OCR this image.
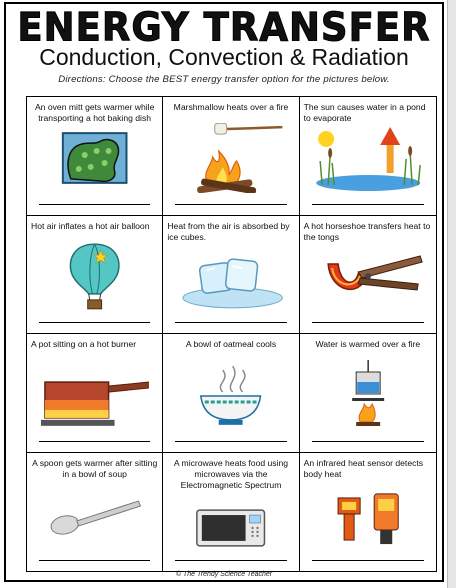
ENERGY TRANSFER
Conduction, Convection & Radiation
Directions: Choose the BEST energy transfer option for the pictures below.
An oven mitt gets warmer while transporting a hot baking dish
Marshmallow heats over a fire	The sun causes water in a pond to evaporate
Hot air inflates a hot air balloon	Heat from the air is absorbed by ice cubes.
A hot horseshoe transfers heat to the tongs
A pot sitting on a hot burner	A bowl of oatmeal cools	Water is warmed over a fire
A spoon gets warmer after sitting in a bowl of soup
A microwave heats food using microwaves via the Electromagnetic Spectrum
An infrared heat sensor detects body heat
© The Trendy Science Teacher
